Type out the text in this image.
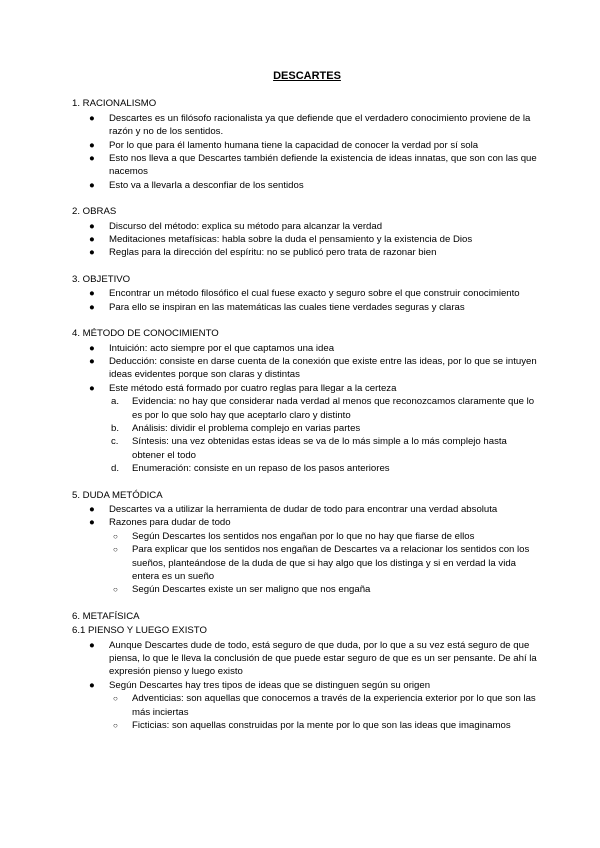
DESCARTES
1. RACIONALISMO
● Descartes es un filósofo racionalista ya que defiende que el verdadero conocimiento proviene de la razón y no de los sentidos.
● Por lo que para él lamento humana tiene la capacidad de conocer la verdad por sí sola
● Esto nos lleva a que Descartes también defiende la existencia de ideas innatas, que son con las que nacemos
● Esto va a llevarla a desconfiar de los sentidos
2. OBRAS
● Discurso del método: explica su método para alcanzar la verdad
● Meditaciones metafísicas: habla sobre la duda el pensamiento y la existencia de Dios
● Reglas para la dirección del espíritu: no se publicó pero trata de razonar bien
3. OBJETIVO
● Encontrar un método filosófico el cual fuese exacto y seguro sobre el que construir conocimiento
● Para ello se inspiran en las matemáticas las cuales tiene verdades seguras y claras
4. MÉTODO DE CONOCIMIENTO
● Intuición: acto siempre por el que captamos una idea
● Deducción: consiste en darse cuenta de la conexión que existe entre las ideas, por lo que se intuyen ideas evidentes porque son claras y distintas
● Este método está formado por cuatro reglas para llegar a la certeza
a. Evidencia: no hay que considerar nada verdad al menos que reconozcamos claramente que lo es por lo que solo hay que aceptarlo claro y distinto
b. Análisis: dividir el problema complejo en varias partes
c. Síntesis: una vez obtenidas estas ideas se va de lo más simple a lo más complejo hasta obtener el todo
d. Enumeración: consiste en un repaso de los pasos anteriores
5. DUDA METÓDICA
● Descartes va a utilizar la herramienta de dudar de todo para encontrar una verdad absoluta
● Razones para dudar de todo
○ Según Descartes los sentidos nos engañan por lo que no hay que fiarse de ellos
○ Para explicar que los sentidos nos engañan de Descartes va a relacionar los sentidos con los sueños, planteándose de la duda de que si hay algo que los distinga y si en verdad la vida entera es un sueño
○ Según Descartes existe un ser maligno que nos engaña
6. METAFÍSICA
6.1 PIENSO Y LUEGO EXISTO
● Aunque Descartes dude de todo, está seguro de que duda, por lo que a su vez está seguro de que piensa, lo que le lleva la conclusión de que puede estar seguro de que es un ser pensante. De ahí la expresión pienso y luego existo
● Según Descartes hay tres tipos de ideas que se distinguen según su origen
○ Adventicias: son aquellas que conocemos a través de la experiencia exterior por lo que son las más inciertas
○ Ficticias: son aquellas construidas por la mente por lo que son las ideas que imaginamos
